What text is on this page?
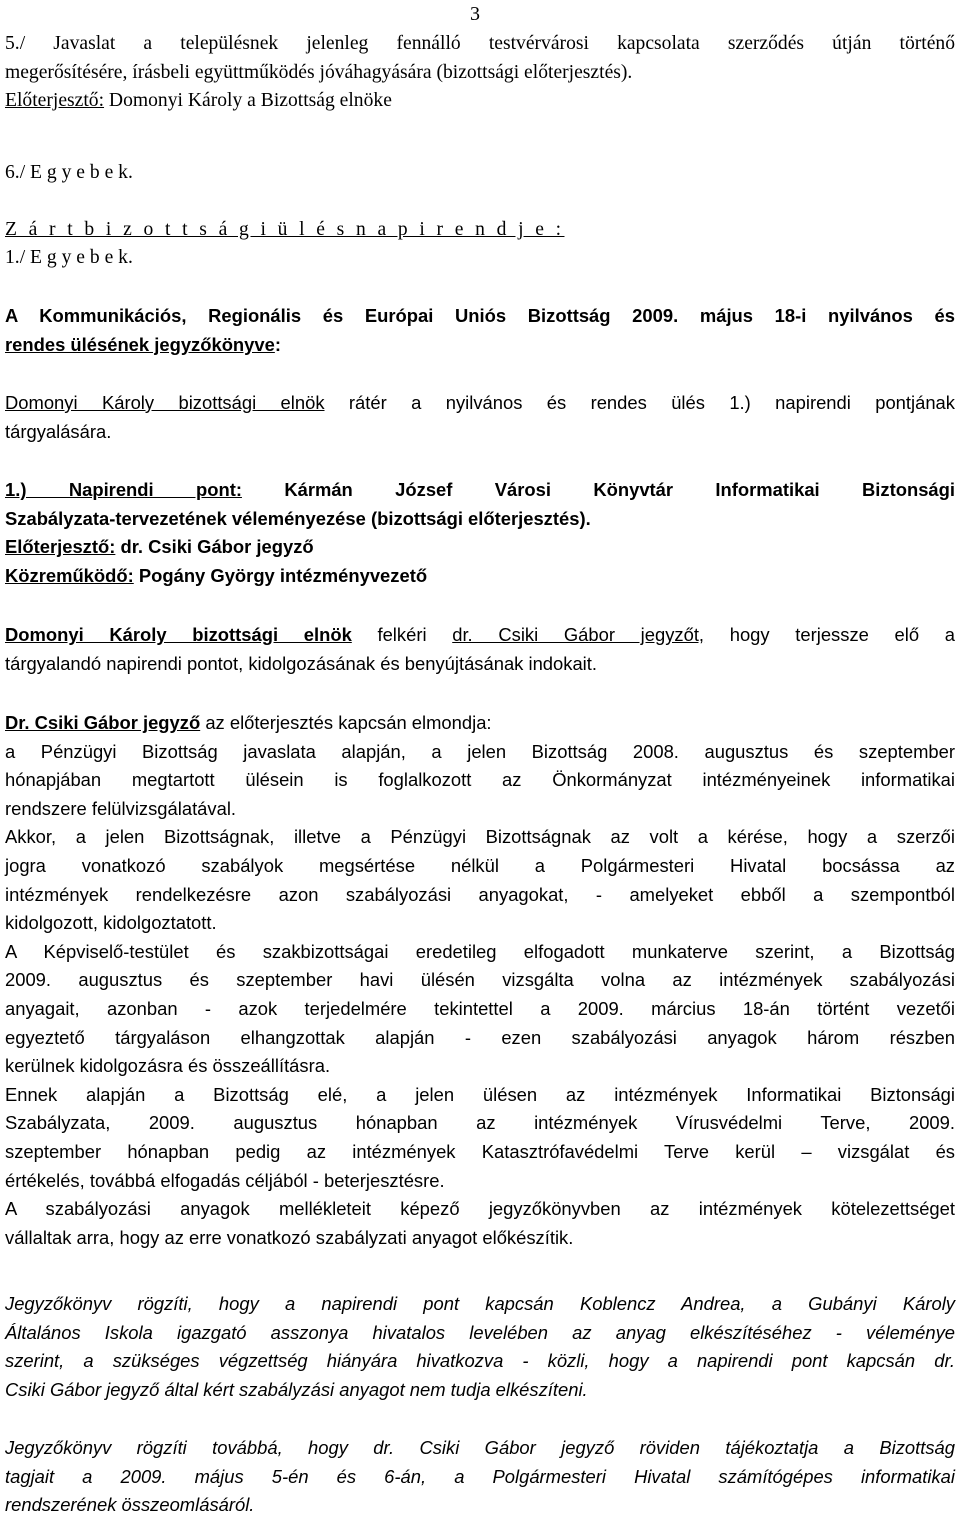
3

5./ Javaslat a településnek jelenleg fennálló testvérvárosi kapcsolata szerződés útján történő

megerősítésére, írásbeli együttműködés jóváhagyására (bizottsági előterjesztés).

Előterjesztő: Domonyi Károly a Bizottság elnöke

6./ E g y e b e k.

Z á r t b i z o t t s á g i ü l é s n a p i r e n d j e :

1./ E g y e b e k.

A Kommunikációs, Regionális és Európai Uniós Bizottság 2009. május 18-i nyilvános és

rendes ülésének jegyzőkönyve:

Domonyi Károly bizottsági elnök rátér a nyilvános és rendes ülés 1.) napirendi pontjának

tárgyalására.

1.) Napirendi pont: Kármán József Városi Könyvtár Informatikai Biztonsági

Szabályzata-tervezetének véleményezése (bizottsági előterjesztés).

Előterjesztő: dr. Csiki Gábor jegyző

Közreműködő: Pogány György intézményvezető

Domonyi Károly bizottsági elnök felkéri dr. Csiki Gábor jegyzőt, hogy terjessze elő a

tárgyalandó napirendi pontot, kidolgozásának és benyújtásának indokait.

Dr. Csiki Gábor jegyző az előterjesztés kapcsán elmondja:

a Pénzügyi Bizottság javaslata alapján, a jelen Bizottság 2008. augusztus és szeptember

hónapjában megtartott ülésein is foglalkozott az Önkormányzat intézményeinek informatikai

rendszere felülvizsgálatával.

Akkor, a jelen Bizottságnak, illetve a Pénzügyi Bizottságnak az volt a kérése, hogy a szerzői

jogra vonatkozó szabályok megsértése nélkül a Polgármesteri Hivatal bocsássa az

intézmények rendelkezésre azon szabályozási anyagokat, - amelyeket ebből a szempontból

kidolgozott, kidolgoztatott.

A Képviselő-testület és szakbizottságai eredetileg elfogadott munkaterve szerint, a Bizottság

2009. augusztus és szeptember havi ülésén vizsgálta volna az intézmények szabályozási

anyagait, azonban - azok terjedelmére tekintettel a 2009. március 18-án történt vezetői

egyeztető tárgyaláson elhangzottak alapján - ezen szabályozási anyagok három részben

kerülnek kidolgozásra és összeállításra.

Ennek alapján a Bizottság elé, a jelen ülésen az intézmények Informatikai Biztonsági

Szabályzata, 2009. augusztus hónapban az intézmények Vírusvédelmi Terve, 2009.

szeptember hónapban pedig az intézmények Katasztrófavédelmi Terve kerül – vizsgálat és

értékelés, továbbá elfogadás céljából - beterjesztésre.

A szabályozási anyagok mellékleteit képező jegyzőkönyvben az intézmények kötelezettséget

vállaltak arra, hogy az erre vonatkozó szabályzati anyagot előkészítik.

Jegyzőkönyv rögzíti, hogy a napirendi pont kapcsán Koblencz Andrea, a Gubányi Károly

Általános Iskola igazgató asszonya hivatalos levelében az anyag elkészítéséhez - véleménye

szerint, a szükséges végzettség hiányára hivatkozva - közli, hogy a napirendi pont kapcsán dr.

Csiki Gábor jegyző által kért szabályzási anyagot nem tudja elkészíteni.

Jegyzőkönyv rögzíti továbbá, hogy dr. Csiki Gábor jegyző röviden tájékoztatja a Bizottság

tagjait a 2009. május 5-én és 6-án, a Polgármesteri Hivatal számítógépes informatikai

rendszerének összeomlásáról.
